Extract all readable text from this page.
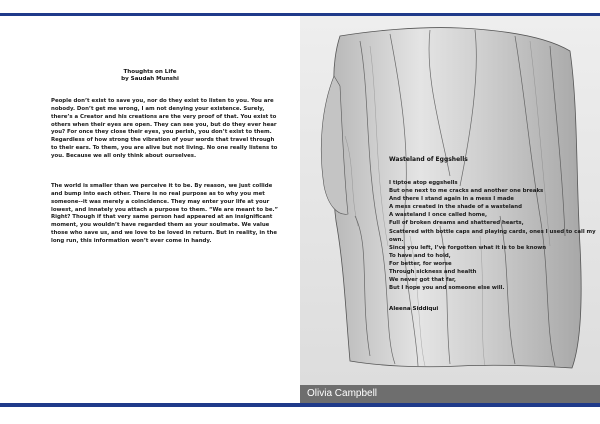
Thoughts on Life
by Saudah Munshi

People don’t exist to save you, nor do they exist to listen to you. You are nobody. Don’t get me wrong, I am not denying your existence. Surely, there’s a Creator and his creations are the very proof of that. You exist to others when their eyes are open. They can see you, but do they ever hear you? For once they close their eyes, you perish, you don’t exist to them. Regardless of how strong the vibration of your words that travel through to their ears. To them, you are alive but not living. No one really listens to you. Because we all only think about ourselves.

The world is smaller than we perceive it to be. By reason, we just collide and bump into each other. There is no real purpose as to why you met someone--it was merely a coincidence. They may enter your life at your lowest, and innately you attach a purpose to them. “We are meant to be.” Right? Though if that very same person had appeared at an insignificant moment, you wouldn’t have regarded them as your soulmate. We value those who save us, and we love to be loved in return. But in reality, in the long run, this information won’t ever come in handy.

Wasteland of Eggshells
I tiptoe atop eggshells
But one next to me cracks and another one breaks
And there I stand again in a mess I made
A mess created in the shade of a wasteland
A wasteland I once called home,
Full of broken dreams and shattered hearts,
Scattered with bottle caps and playing cards, ones I used to call my
own.
Since you left, I’ve forgotten what it is to be known
To have and to hold,
For better, for worse
Through sickness and health
We never got that far,
But I hope you and someone else will.
Aleena Siddiqui
Olivia Campbell
